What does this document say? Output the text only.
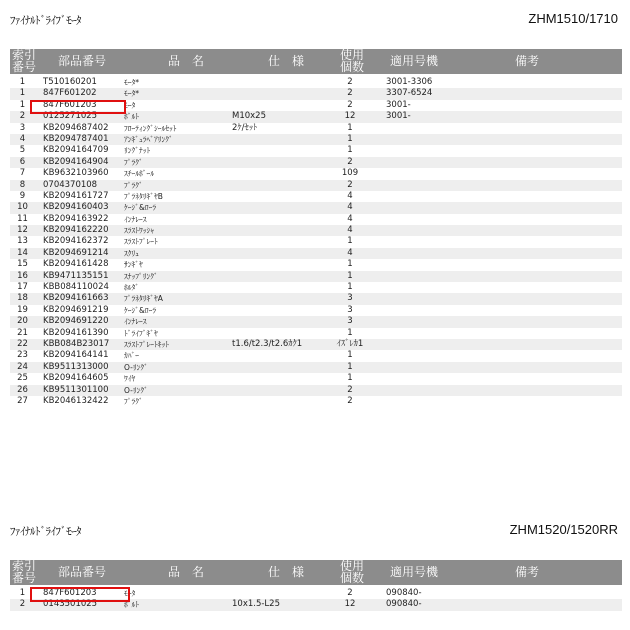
ﾌｧｲﾅﾙﾄﾞﾗｲﾌﾞﾓｰﾀ	ZHM1510/1710
索引
番号 部品番号	品　名	仕　様	使用
個数 適用号機	備考
1	T510160201	ﾓｰﾀ*	2	3001-3306
1	847F601202	ﾓｰﾀ*	2	3307-6524
1	847F601203	ﾓｰﾀ	2	3001-
2	0125271025	ﾎﾞﾙﾄ	M10x25	12	3001-
3	KB2094687402 ﾌﾛｰﾃｨﾝｸﾞｼｰﾙｾｯﾄ	2ｹ/ｾｯﾄ	1
4	KB2094787401 ｱﾝｷﾞｭﾗﾍﾞｱﾘﾝｸﾞ	1
5	KB2094164709 ﾘﾝｸﾞﾅｯﾄ	1
6	KB2094164904 ﾌﾟﾗｸﾞ	2
7	KB9632103960 ｽﾁｰﾙﾎﾞｰﾙ	109
8	0704370108	ﾌﾟﾗｸﾞ	2
9	KB2094161727 ﾌﾟﾗﾈﾀﾘｷﾞﾔB	4
10	KB2094160403 ｹｰｼﾞ&ﾛｰﾗ	4
11	KB2094163922 ｲﾝﾅﾚｰｽ	4
12	KB2094162220 ｽﾗｽﾄﾜｯｼｬ	4
13	KB2094162372 ｽﾗｽﾄﾌﾟﾚｰﾄ	1
14	KB2094691214 ｽｸﾘｭ	4
15	KB2094161428 ｻﾝｷﾞﾔ	1
16	KB9471135151 ｽﾅｯﾌﾟﾘﾝｸﾞ	1
17	KBB084110024 ﾎﾙﾀﾞ	1
18	KB2094161663 ﾌﾟﾗﾈﾀﾘｷﾞﾔA	3
19	KB2094691219 ｹｰｼﾞ&ﾛｰﾗ	3
20	KB2094691220 ｲﾝﾅﾚｰｽ	3
21	KB2094161390 ﾄﾞﾗｲﾌﾞｷﾞﾔ	1
22	KBB084B23017 ｽﾗｽﾄﾌﾟﾚｰﾄｷｯﾄ	t1.6/t2.3/t2.6ｶｸ1	ｲｽﾞﾚｶ1
23	KB2094164141 ｶﾊﾞｰ	1
24	KB9511313000 O-ﾘﾝｸﾞ	1
25	KB2094164605 ﾜｲﾔ	1
26	KB9511301100 O-ﾘﾝｸﾞ	2
27	KB2046132422 ﾌﾟﾗｸﾞ	2
ﾌｧｲﾅﾙﾄﾞﾗｲﾌﾞﾓｰﾀ	ZHM1520/1520RR
索引
番号 部品番号	品　名	仕　様	使用
個数 適用号機	備考
1	847F601203	ﾓｰﾀ	2	090840-
2	0143501025	ﾎﾞﾙﾄ	10x1.5-L25	12	090840-
